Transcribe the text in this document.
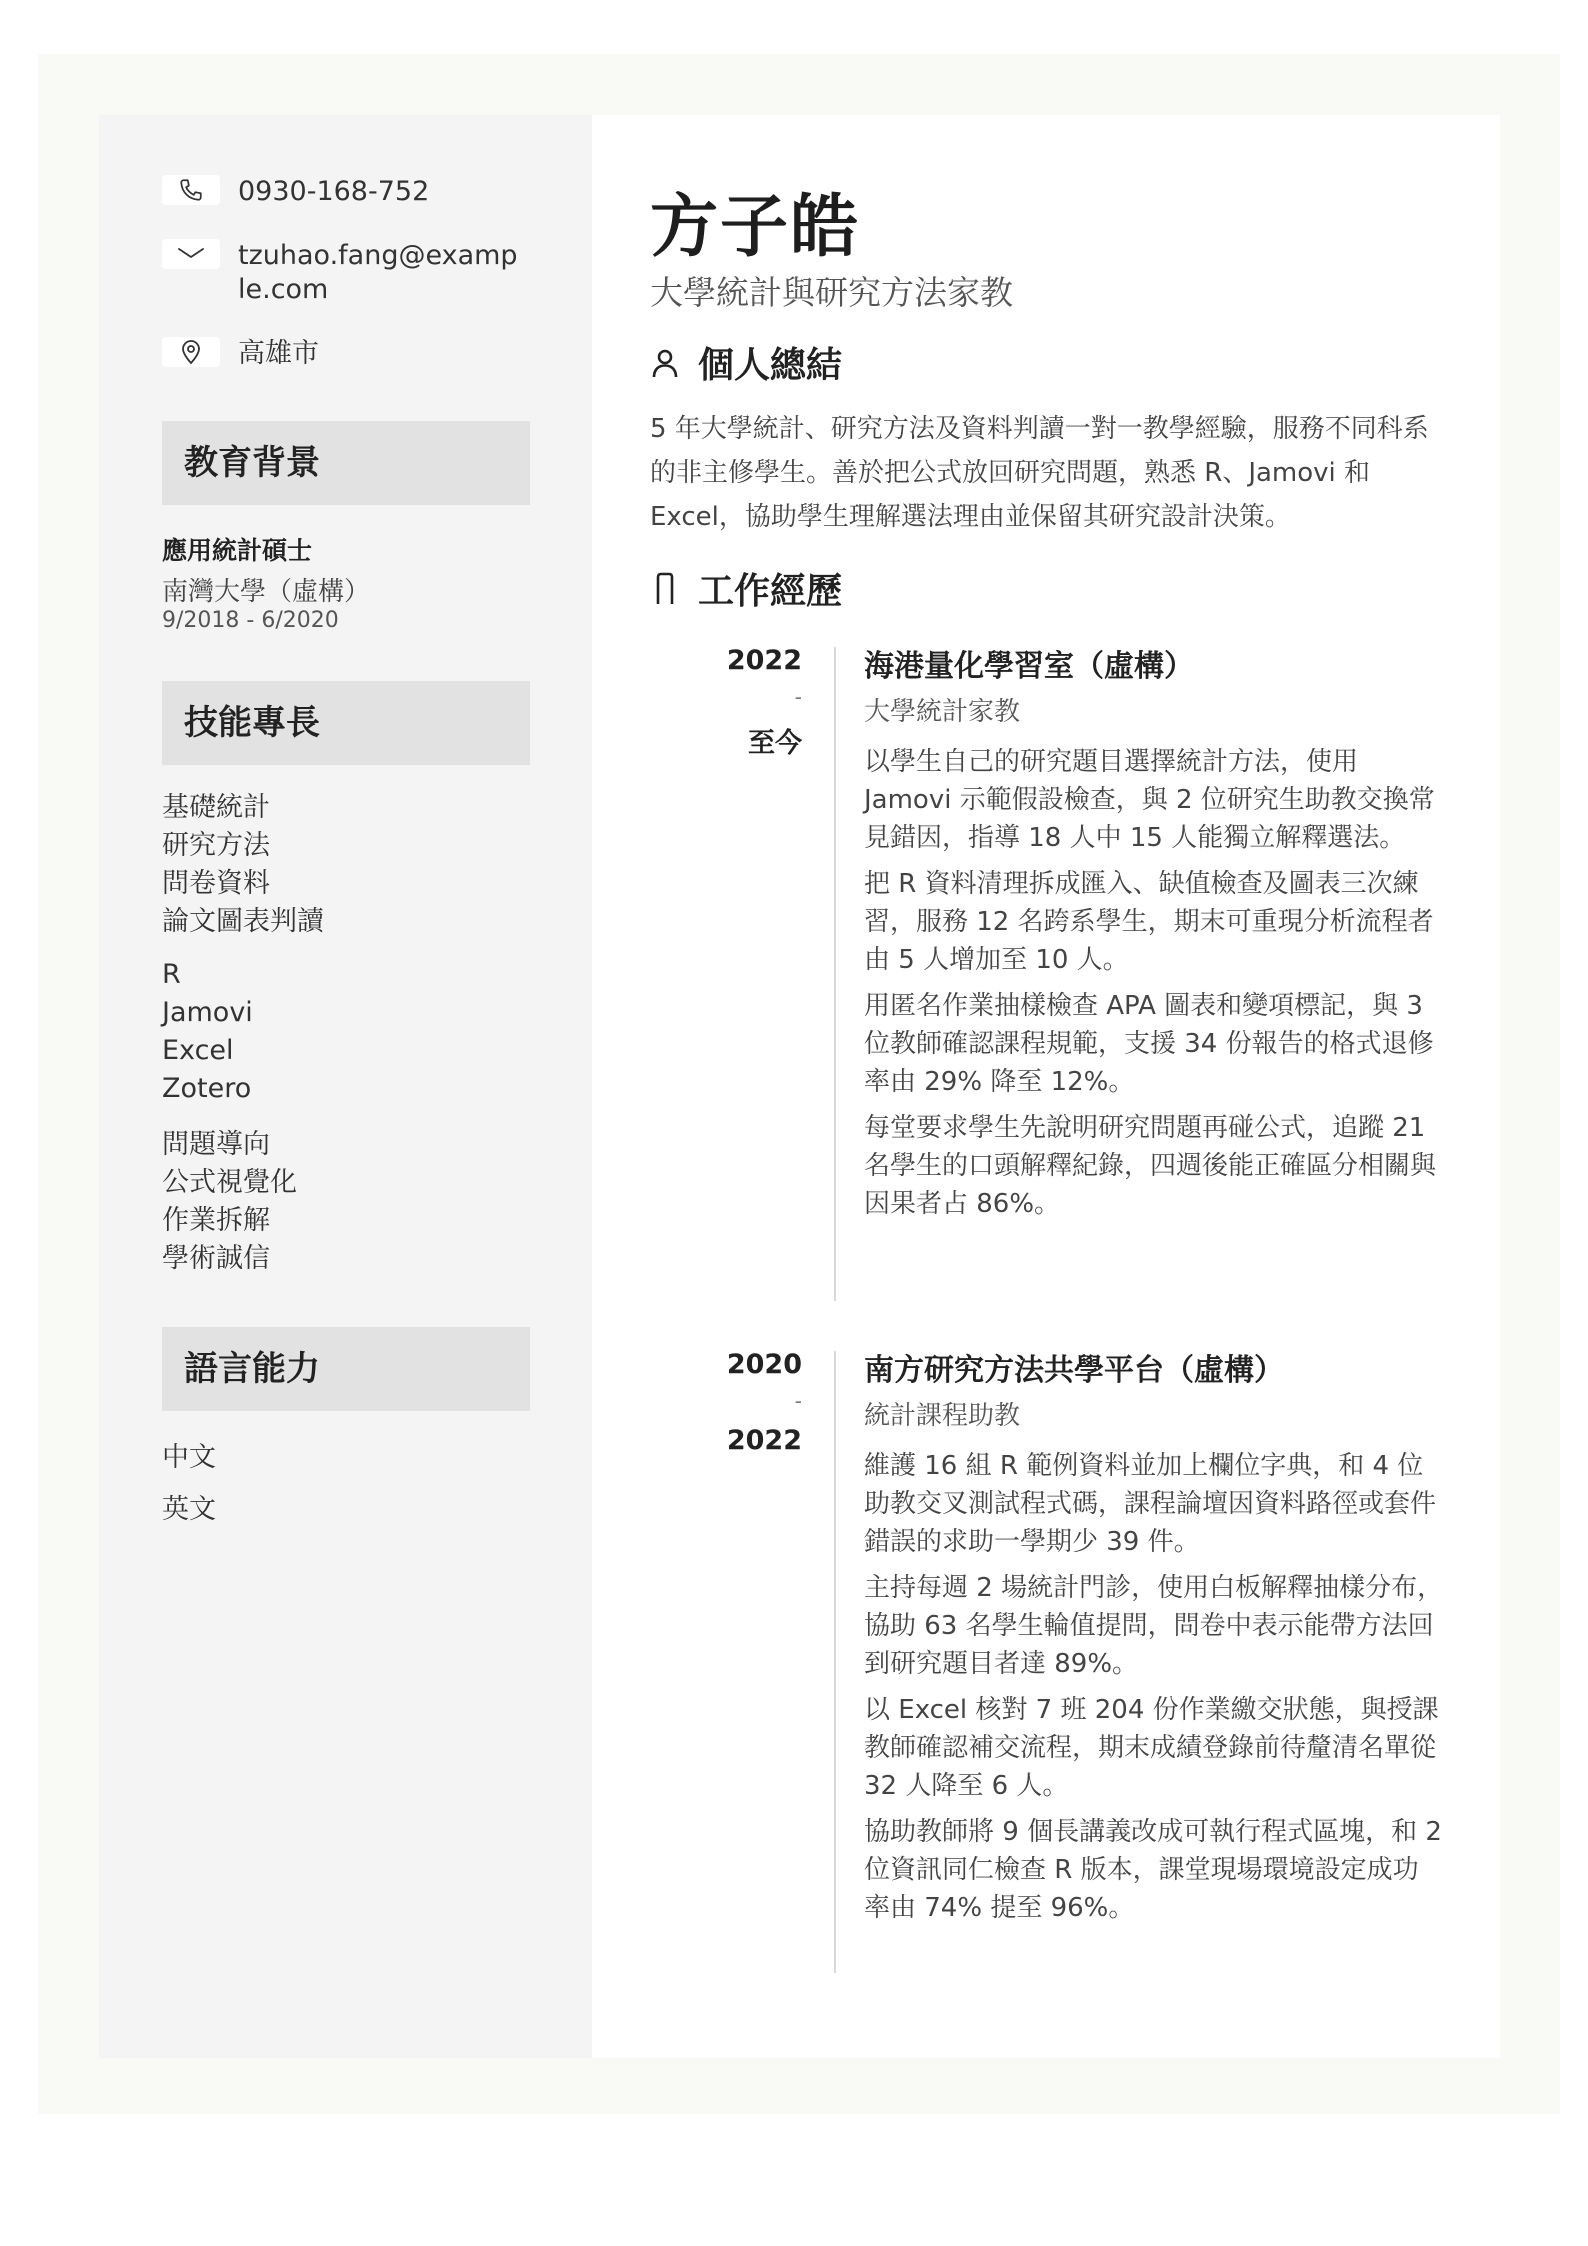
0930-168-752
tzuhao.fang@example.com
高雄市
教育背景
應用統計碩士
南灣大學（虛構）
9/2018 - 6/2020
技能專長
基礎統計
研究方法
問卷資料
論文圖表判讀
R
Jamovi
Excel
Zotero
問題導向
公式視覺化
作業拆解
學術誠信
語言能力
中文
英文
方子皓
大學統計與研究方法家教
個人總結
5 年大學統計、研究方法及資料判讀一對一教學經驗，服務不同科系的非主修學生。善於把公式放回研究問題，熟悉 R、Jamovi 和 Excel，協助學生理解選法理由並保留其研究設計決策。
工作經歷
2022
-
至今
海港量化學習室（虛構）
大學統計家教
以學生自己的研究題目選擇統計方法，使用 Jamovi 示範假設檢查，與 2 位研究生助教交換常見錯因，指導 18 人中 15 人能獨立解釋選法。
把 R 資料清理拆成匯入、缺值檢查及圖表三次練習，服務 12 名跨系學生，期末可重現分析流程者由 5 人增加至 10 人。
用匿名作業抽樣檢查 APA 圖表和變項標記，與 3 位教師確認課程規範，支援 34 份報告的格式退修率由 29% 降至 12%。
每堂要求學生先說明研究問題再碰公式，追蹤 21 名學生的口頭解釋紀錄，四週後能正確區分相關與因果者占 86%。
2020
-
2022
南方研究方法共學平台（虛構）
統計課程助教
維護 16 組 R 範例資料並加上欄位字典，和 4 位助教交叉測試程式碼，課程論壇因資料路徑或套件錯誤的求助一學期少 39 件。
主持每週 2 場統計門診，使用白板解釋抽樣分布，協助 63 名學生輪值提問，問卷中表示能帶方法回到研究題目者達 89%。
以 Excel 核對 7 班 204 份作業繳交狀態，與授課教師確認補交流程，期末成績登錄前待釐清名單從 32 人降至 6 人。
協助教師將 9 個長講義改成可執行程式區塊，和 2 位資訊同仁檢查 R 版本，課堂現場環境設定成功率由 74% 提至 96%。
